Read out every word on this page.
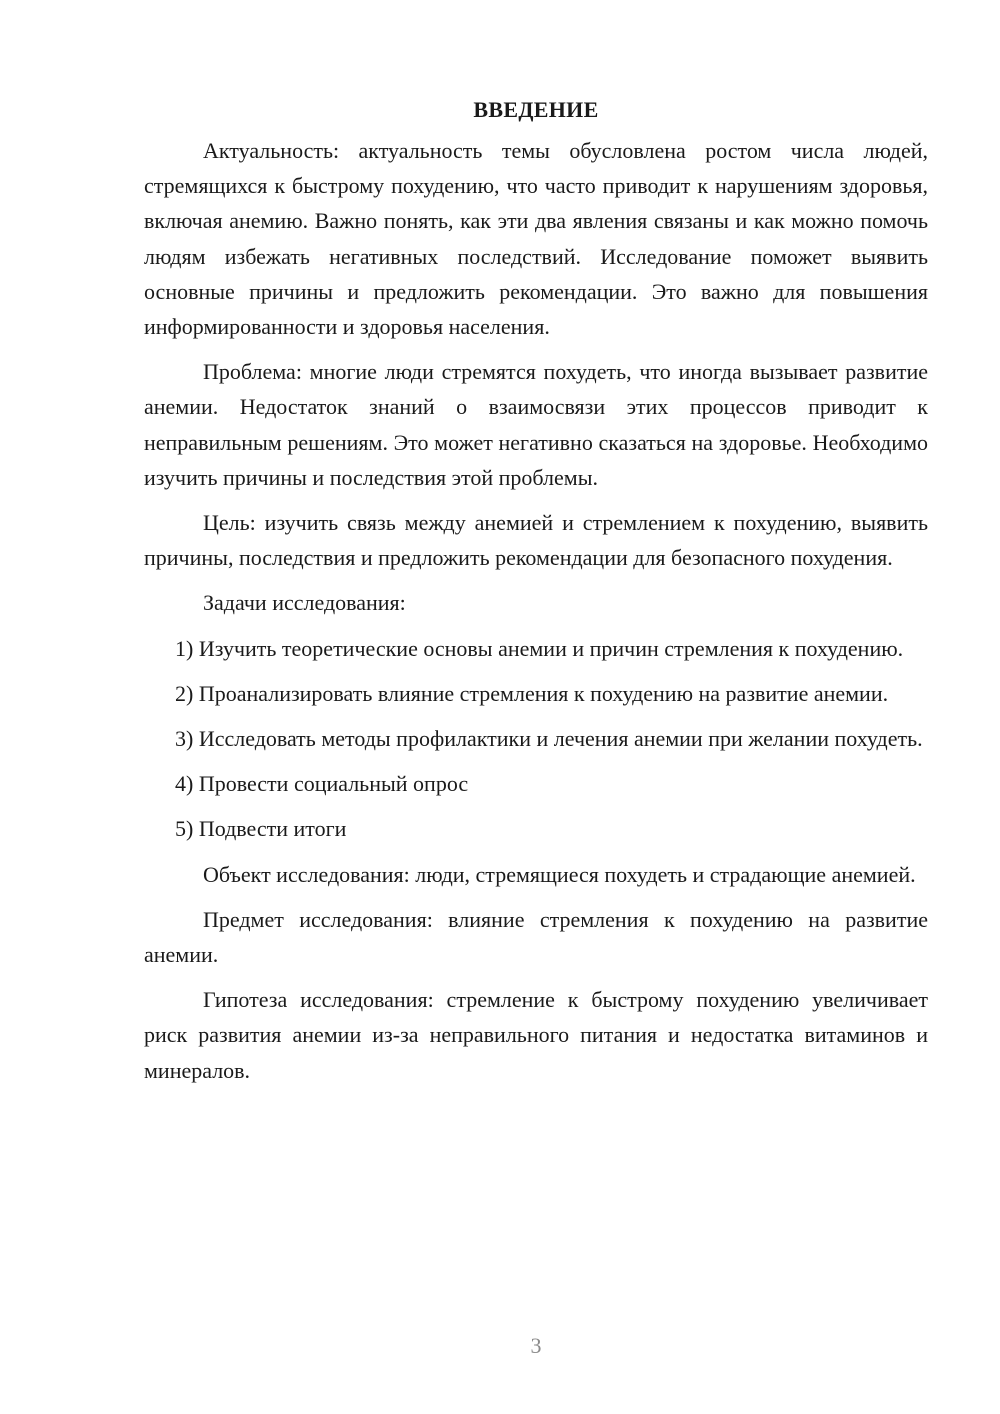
ВВЕДЕНИЕ

Актуальность: актуальность темы обусловлена ростом числа людей, стремящихся к быстрому похудению, что часто приводит к нарушениям здоровья, включая анемию. Важно понять, как эти два явления связаны и как можно помочь людям избежать негативных последствий. Исследование поможет выявить основные причины и предложить рекомендации. Это важно для повышения информированности и здоровья населения.

Проблема: многие люди стремятся похудеть, что иногда вызывает развитие анемии. Недостаток знаний о взаимосвязи этих процессов приводит к неправильным решениям. Это может негативно сказаться на здоровье. Необходимо изучить причины и последствия этой проблемы.

Цель: изучить связь между анемией и стремлением к похудению, выявить причины, последствия и предложить рекомендации для безопасного похудения.

Задачи исследования:

1) Изучить теоретические основы анемии и причин стремления к похудению.

2) Проанализировать влияние стремления к похудению на развитие анемии.

3) Исследовать методы профилактики и лечения анемии при желании похудеть.

4) Провести социальный опрос

5) Подвести итоги

Объект исследования: люди, стремящиеся похудеть и страдающие анемией.

Предмет исследования: влияние стремления к похудению на развитие анемии.

Гипотеза исследования: стремление к быстрому похудению увеличивает риск развития анемии из-за неправильного питания и недостатка витаминов и минералов.

3
